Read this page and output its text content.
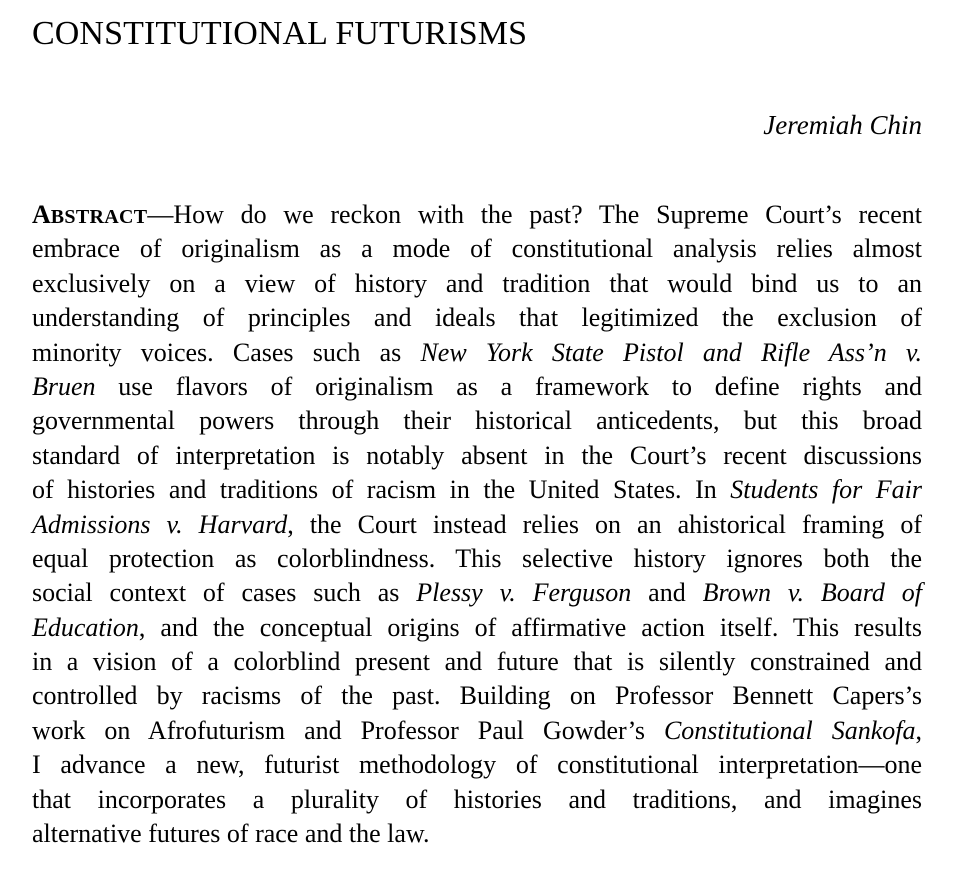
CONSTITUTIONAL FUTURISMS

Jeremiah Chin

ABSTRACT—How do we reckon with the past? The Supreme Court’s recent
embrace of originalism as a mode of constitutional analysis relies almost
exclusively on a view of history and tradition that would bind us to an
understanding of principles and ideals that legitimized the exclusion of
minority voices. Cases such as New York State Pistol and Rifle Ass’n v.
Bruen use flavors of originalism as a framework to define rights and
governmental powers through their historical anticedents, but this broad
standard of interpretation is notably absent in the Court’s recent discussions
of histories and traditions of racism in the United States. In Students for Fair
Admissions v. Harvard, the Court instead relies on an ahistorical framing of
equal protection as colorblindness. This selective history ignores both the
social context of cases such as Plessy v. Ferguson and Brown v. Board of
Education, and the conceptual origins of affirmative action itself. This results
in a vision of a colorblind present and future that is silently constrained and
controlled by racisms of the past. Building on Professor Bennett Capers’s
work on Afrofuturism and Professor Paul Gowder’s Constitutional Sankofa,
I advance a new, futurist methodology of constitutional interpretation—one
that incorporates a plurality of histories and traditions, and imagines
alternative futures of race and the law.
